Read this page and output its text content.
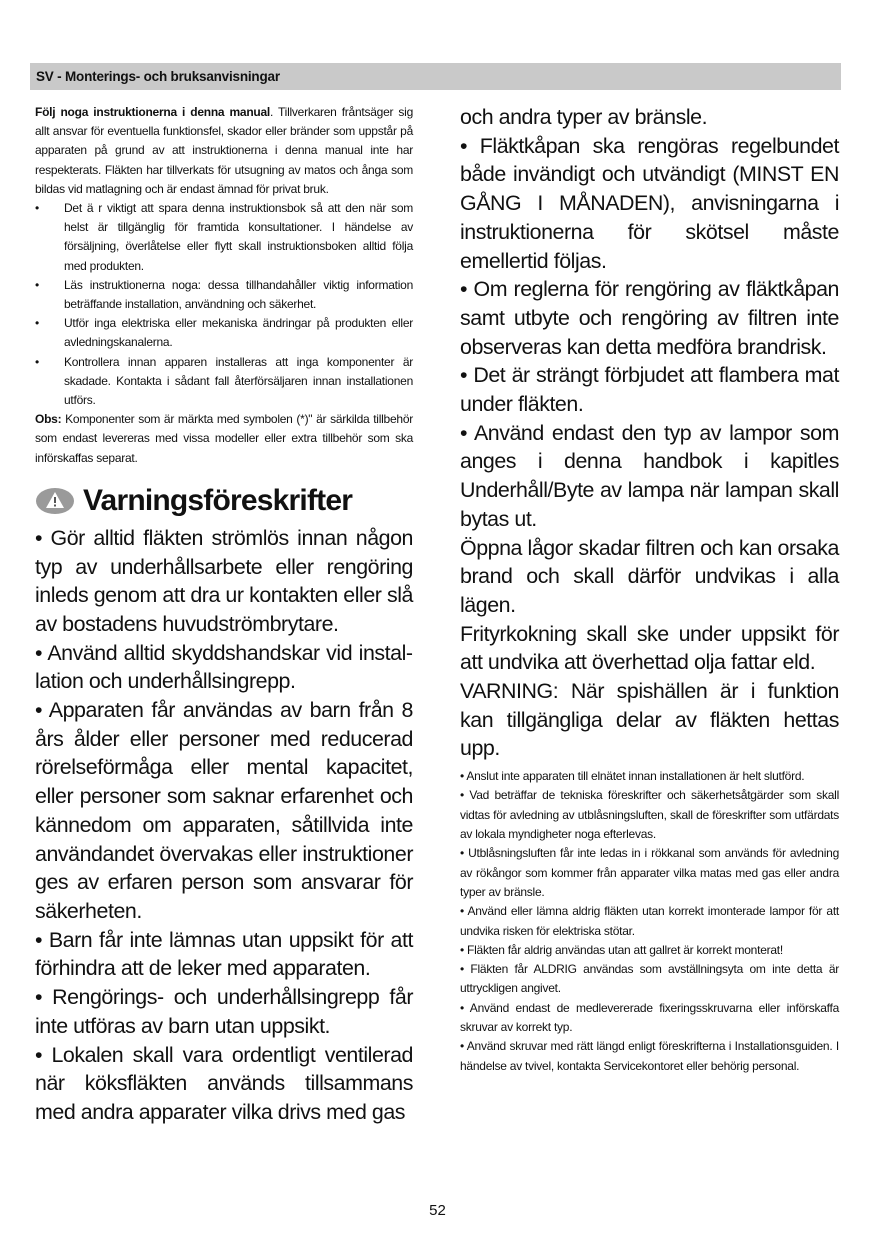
SV - Monterings- och bruksanvisningar

Följ noga instruktionerna i denna manual. Tillverkaren fråntsäger sig allt ansvar för eventuella funktionsfel, skador eller bränder som uppstår på apparaten på grund av att instruktionerna i denna manual inte har respekterats. Fläkten har tillverkats för utsugning av matos och ånga som bildas vid matlagning och är endast ämnad för privat bruk.

• Det ä r viktigt att spara denna instruktionsbok så att den när som helst är tillgänglig för framtida konsultationer. I händelse av försäljning, överlåtelse eller flytt skall instruktionsboken alltid följa med produkten.
• Läs instruktionerna noga: dessa tillhandahåller viktig information beträffande installation, användning och säkerhet.
• Utför inga elektriska eller mekaniska ändringar på produkten eller avledningskanalerna.
• Kontrollera innan apparen installeras att inga komponenter är skadade. Kontakta i sådant fall återförsäljaren innan installationen utförs.

Obs: Komponenter som är märkta med symbolen (*)" är särkilda tillbehör som endast levereras med vissa modeller eller extra tillbehör som ska införskaffas separat.

Varningsföreskrifter

• Gör alltid fläkten strömlös innan någon typ av underhållsarbete eller rengöring inleds genom att dra ur kontakten eller slå av bostadens huvudströmbrytare.

• Använd alltid skyddshandskar vid installation och underhållsingrepp.

• Apparaten får användas av barn från 8 års ålder eller personer med reducerad rörelseförmåga eller mental kapacitet, eller personer som saknar erfarenhet och kännedom om apparaten, såtillvida inte användandet övervakas eller instruktioner ges av erfaren person som ansvarar för säkerheten.

• Barn får inte lämnas utan uppsikt för att förhindra att de leker med apparaten.

• Rengörings- och underhållsingrepp får inte utföras av barn utan uppsikt.

• Lokalen skall vara ordentligt ventilerad när köksfläkten används tillsammans med andra apparater vilka drivs med gas

och andra typer av bränsle.

• Fläktkåpan ska rengöras regelbundet både invändigt och utvändigt (MINST EN GÅNG I MÅNADEN), anvisningarna i instruktionerna för skötsel måste emellertid följas.

• Om reglerna för rengöring av fläktkåpan samt utbyte och rengöring av filtren inte observeras kan detta medföra brandrisk.

• Det är strängt förbjudet att flambera mat under fläkten.

• Använd endast den typ av lampor som anges i denna handbok i kapitles Underhåll/Byte av lampa när lampan skall bytas ut.

Öppna lågor skadar filtren och kan orsaka brand och skall därför undvikas i alla lägen.

Frityrkokning skall ske under uppsikt för att undvika att överhettad olja fattar eld.

VARNING: När spishällen är i funktion kan tillgängliga delar av fläkten hettas upp.

• Anslut inte apparaten till elnätet innan installationen är helt slutförd.

• Vad beträffar de tekniska föreskrifter och säkerhetsåtgärder som skall vidtas för avledning av utblåsningsluften, skall de föreskrifter som utfärdats av lokala myndigheter noga efterlevas.

• Utblåsningsluften får inte ledas in i rökkanal som används för avledning av rökångor som kommer från apparater vilka matas med gas eller andra typer av bränsle.

• Använd eller lämna aldrig fläkten utan korrekt imonterade lampor för att undvika risken för elektriska stötar.

• Fläkten får aldrig användas utan att gallret är korrekt monterat!

• Fläkten får ALDRIG användas som avställningsyta om inte detta är uttryckligen angivet.

• Använd endast de medlevererade fixeringsskruvarna eller införskaffa skruvar av korrekt typ.

• Använd skruvar med rätt längd enligt föreskrifterna i Installationsguiden. I händelse av tvivel, kontakta Servicekontoret eller behörig personal.

52
